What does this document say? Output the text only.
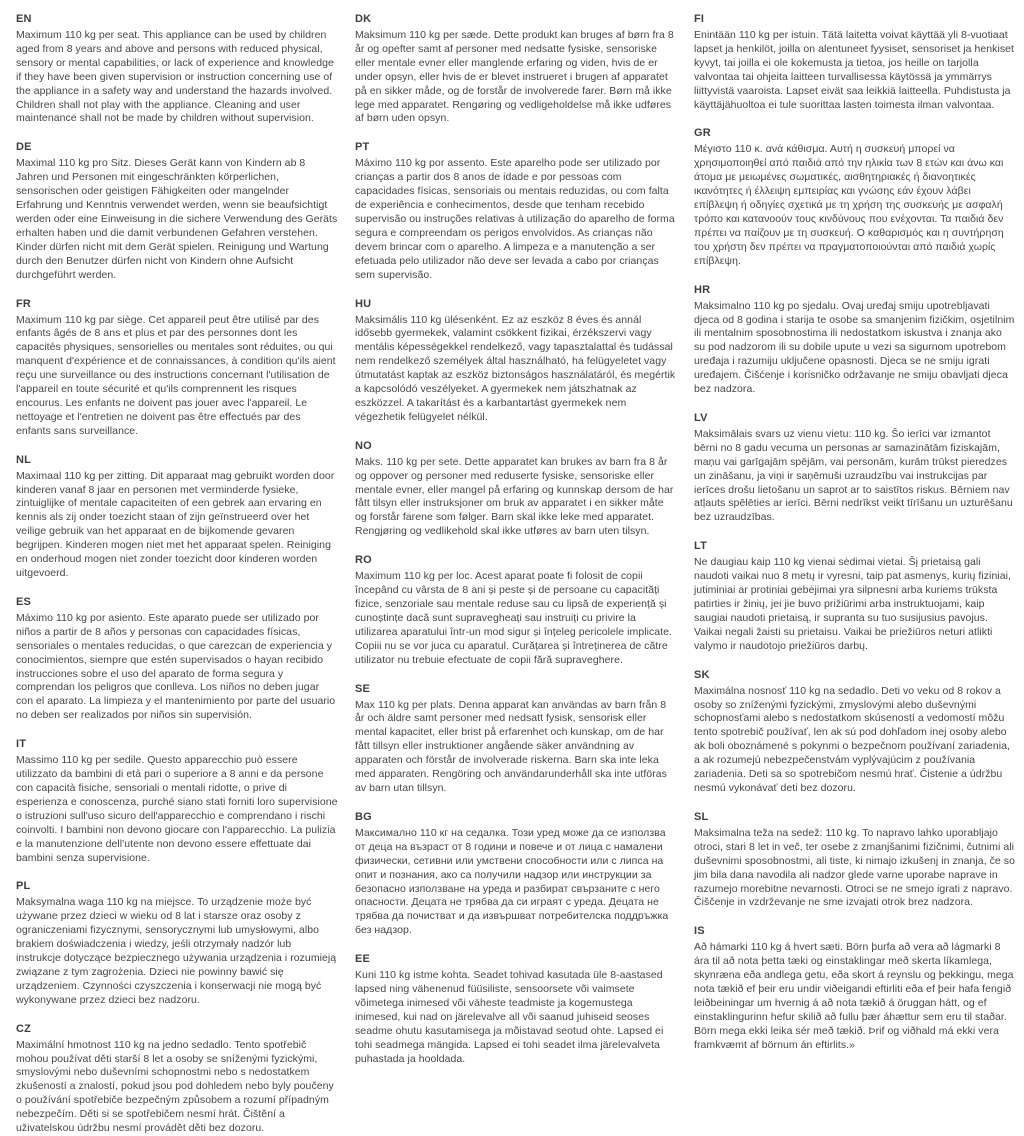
EN

Maximum 110 kg per seat. This appliance can be used by children aged from 8 years and above and persons with reduced physical, sensory or mental capabilities, or lack of experience and knowledge if they have been given supervision or instruction concerning use of the appliance in a safety way and understand the hazards involved. Children shall not play with the appliance. Cleaning and user maintenance shall not be made by children without supervision.

DE

Maximal 110 kg pro Sitz. Dieses Gerät kann von Kindern ab 8 Jahren und Personen mit eingeschränkten körperlichen, sensorischen oder geistigen Fähigkeiten oder mangelnder Erfahrung und Kenntnis verwendet werden, wenn sie beaufsichtigt werden oder eine Einweisung in die sichere Verwendung des Geräts erhalten haben und die damit verbundenen Gefahren verstehen. Kinder dürfen nicht mit dem Gerät spielen. Reinigung und Wartung durch den Benutzer dürfen nicht von Kindern ohne Aufsicht durchgeführt werden.

FR

Maximum 110 kg par siège. Cet appareil peut être utilisé par des enfants âgés de 8 ans et plus et par des personnes dont les capacités physiques, sensorielles ou mentales sont réduites, ou qui manquent d'expérience et de connaissances, à condition qu'ils aient reçu une surveillance ou des instructions concernant l'utilisation de l'appareil en toute sécurité et qu'ils comprennent les risques encourus. Les enfants ne doivent pas jouer avec l'appareil. Le nettoyage et l'entretien ne doivent pas être effectués par des enfants sans surveillance.

NL

Maximaal 110 kg per zitting. Dit apparaat mag gebruikt worden door kinderen vanaf 8 jaar en personen met verminderde fysieke, zintuiglijke of mentale capaciteiten of een gebrek aan ervaring en kennis als zij onder toezicht staan of zijn geïnstrueerd over het veilige gebruik van het apparaat en de bijkomende gevaren begrijpen. Kinderen mogen niet met het apparaat spelen. Reiniging en onderhoud mogen niet zonder toezicht door kinderen worden uitgevoerd.

ES

Máximo 110 kg por asiento. Este aparato puede ser utilizado por niños a partir de 8 años y personas con capacidades físicas, sensoriales o mentales reducidas, o que carezcan de experiencia y conocimientos, siempre que estén supervisados o hayan recibido instrucciones sobre el uso del aparato de forma segura y comprendan los peligros que conlleva. Los niños no deben jugar con el aparato. La limpieza y el mantenimiento por parte del usuario no deben ser realizados por niños sin supervisión.

IT

Massimo 110 kg per sedile. Questo apparecchio può essere utilizzato da bambini di età pari o superiore a 8 anni e da persone con capacità fisiche, sensoriali o mentali ridotte, o prive di esperienza e conoscenza, purché siano stati forniti loro supervisione o istruzioni sull'uso sicuro dell'apparecchio e comprendano i rischi coinvolti. I bambini non devono giocare con l'apparecchio. La pulizia e la manutenzione dell'utente non devono essere effettuate dai bambini senza supervisione.

PL

Maksymalna waga 110 kg na miejsce. To urządzenie może być używane przez dzieci w wieku od 8 lat i starsze oraz osoby z ograniczeniami fizycznymi, sensorycznymi lub umysłowymi, albo brakiem doświadczenia i wiedzy, jeśli otrzymały nadzór lub instrukcje dotyczące bezpiecznego używania urządzenia i rozumieją związane z tym zagrożenia. Dzieci nie powinny bawić się urządzeniem. Czynności czyszczenia i konserwacji nie mogą być wykonywane przez dzieci bez nadzoru.

CZ

Maximální hmotnost 110 kg na jedno sedadlo. Tento spotřebič mohou používat děti starší 8 let a osoby se sníženými fyzickými, smyslovými nebo duševními schopnostmi nebo s nedostatkem zkušeností a znalostí, pokud jsou pod dohledem nebo byly poučeny o používání spotřebiče bezpečným způsobem a rozumí případným nebezpečím. Děti si se spotřebičem nesmí hrát. Čištění a uživatelskou údržbu nesmí provádět děti bez dozoru.

DK

Maksimum 110 kg per sæde. Dette produkt kan bruges af børn fra 8 år og opefter samt af personer med nedsatte fysiske, sensoriske eller mentale evner eller manglende erfaring og viden, hvis de er under opsyn, eller hvis de er blevet instrueret i brugen af apparatet på en sikker måde, og de forstår de involverede farer. Børn må ikke lege med apparatet. Rengøring og vedligeholdelse må ikke udføres af børn uden opsyn.

PT

Máximo 110 kg por assento. Este aparelho pode ser utilizado por crianças a partir dos 8 anos de idade e por pessoas com capacidades físicas, sensoriais ou mentais reduzidas, ou com falta de experiência e conhecimentos, desde que tenham recebido supervisão ou instruções relativas à utilização do aparelho de forma segura e compreendam os perigos envolvidos. As crianças não devem brincar com o aparelho. A limpeza e a manutenção a ser efetuada pelo utilizador não deve ser levada a cabo por crianças sem supervisão.

HU

Maksimális 110 kg ülésenként. Ez az eszköz 8 éves és annál idősebb gyermekek, valamint csökkent fizikai, érzékszervi vagy mentális képességekkel rendelkező, vagy tapasztalattal és tudással nem rendelkező személyek által használható, ha felügyeletet vagy útmutatást kaptak az eszköz biztonságos használatáról, és megértik a kapcsolódó veszélyeket. A gyermekek nem játszhatnak az eszközzel. A takarítást és a karbantartást gyermekek nem végezhetik felügyelet nélkül.

NO

Maks. 110 kg per sete. Dette apparatet kan brukes av barn fra 8 år og oppover og personer med reduserte fysiske, sensoriske eller mentale evner, eller mangel på erfaring og kunnskap dersom de har fått tilsyn eller instruksjoner om bruk av apparatet i en sikker måte og forstår farene som følger. Barn skal ikke leke med apparatet. Rengjøring og vedlikehold skal ikke utføres av barn uten tilsyn.

RO

Maximum 110 kg per loc. Acest aparat poate fi folosit de copii începând cu vârsta de 8 ani și peste și de persoane cu capacități fizice, senzoriale sau mentale reduse sau cu lipsă de experiență și cunoștințe dacă sunt supravegheați sau instruiți cu privire la utilizarea aparatului într-un mod sigur și înțeleg pericolele implicate. Copiii nu se vor juca cu aparatul. Curățarea și întreținerea de către utilizator nu trebuie efectuate de copii fără supraveghere.

SE

Max 110 kg per plats. Denna apparat kan användas av barn från 8 år och äldre samt personer med nedsatt fysisk, sensorisk eller mental kapacitet, eller brist på erfarenhet och kunskap, om de har fått tillsyn eller instruktioner angående säker användning av apparaten och förstår de involverade riskerna. Barn ska inte leka med apparaten. Rengöring och användarunderhåll ska inte utföras av barn utan tillsyn.

BG

Максимално 110 кг на седалка. Този уред може да се използва от деца на възраст от 8 години и повече и от лица с намалени физически, сетивни или умствени способности или с липса на опит и познания, ако са получили надзор или инструкции за безопасно използване на уреда и разбират свързаните с него опасности. Децата не трябва да си играят с уреда. Децата не трябва да почистват и да извършват потребителска поддръжка без надзор.

EE

Kuni 110 kg istme kohta. Seadet tohivad kasutada üle 8-aastased lapsed ning vähenenud füüsiliste, sensoorsete või vaimsete võimetega inimesed või väheste teadmiste ja kogemustega inimesed, kui nad on järelevalve all või saanud juhiseid seoses seadme ohutu kasutamisega ja mõistavad seotud ohte. Lapsed ei tohi seadmega mängida. Lapsed ei tohi seadet ilma järelevalveta puhastada ja hooldada.

FI

Enintään 110 kg per istuin. Tätä laitetta voivat käyttää yli 8-vuotiaat lapset ja henkilöt, joilla on alentuneet fyysiset, sensoriset ja henkiset kyvyt, tai joilla ei ole kokemusta ja tietoa, jos heille on tarjolla valvontaa tai ohjeita laitteen turvallisessa käytössä ja ymmärrys liittyvistä vaaroista. Lapset eivät saa leikkiä laitteella. Puhdistusta ja käyttäjähuoltoa ei tule suorittaa lasten toimesta ilman valvontaa.

GR

Μέγιστο 110 κ. ανά κάθισμα. Αυτή η συσκευή μπορεί να χρησιμοποιηθεί από παιδιά από την ηλικία των 8 ετών και άνω και άτομα με μειωμένες σωματικές, αισθητηριακές ή διανοητικές ικανότητες ή έλλειψη εμπειρίας και γνώσης εάν έχουν λάβει επίβλεψη ή οδηγίες σχετικά με τη χρήση της συσκευής με ασφαλή τρόπο και κατανοούν τους κινδύνους που ενέχονται. Τα παιδιά δεν πρέπει να παίζουν με τη συσκευή. Ο καθαρισμός και η συντήρηση του χρήστη δεν πρέπει να πραγματοποιούνται από παιδιά χωρίς επίβλεψη.

HR

Maksimalno 110 kg po sjedalu. Ovaj uređaj smiju upotrebljavati djeca od 8 godina i starija te osobe sa smanjenim fizičkim, osjetilnim ili mentalnim sposobnostima ili nedostatkom iskustva i znanja ako su pod nadzorom ili su dobile upute u vezi sa sigurnom upotrebom uređaja i razumiju uključene opasnosti. Djeca se ne smiju igrati uređajem. Čišćenje i korisničko održavanje ne smiju obavljati djeca bez nadzora.

LV

Maksimālais svars uz vienu vietu: 110 kg. Šo ierīci var izmantot bērni no 8 gadu vecuma un personas ar samazinātām fiziskajām, maņu vai garīgajām spējām, vai personām, kurām trūkst pieredzes un zināšanu, ja viņi ir saņēmuši uzraudzību vai instrukcijas par ierīces drošu lietošanu un saprot ar to saistītos riskus. Bērniem nav atļauts spēlēties ar ierīci. Bērni nedrīkst veikt tīrīšanu un uzturēšanu bez uzraudzības.

LT

Ne daugiau kaip 110 kg vienai sėdimai vietai. Šį prietaisą gali naudoti vaikai nuo 8 metų ir vyresni, taip pat asmenys, kurių fiziniai, jutiminiai ar protiniai gebėjimai yra silpnesni arba kuriems trūksta patirties ir žinių, jei jie buvo prižiūrimi arba instruktuojami, kaip saugiai naudoti prietaisą, ir supranta su tuo susijusius pavojus. Vaikai negali žaisti su prietaisu. Vaikai be priežiūros neturi atlikti valymo ir naudotojo priežiūros darbų.

SK

Maximálna nosnosť 110 kg na sedadlo. Deti vo veku od 8 rokov a osoby so zníženými fyzickými, zmyslovými alebo duševnými schopnosťami alebo s nedostatkom skúseností a vedomostí môžu tento spotrebič používať, len ak sú pod dohľadom inej osoby alebo ak boli oboznámené s pokynmi o bezpečnom používaní zariadenia, a ak rozumejú nebezpečenstvám vyplývajúcim z používania zariadenia. Deti sa so spotrebičom nesmú hrať. Čistenie a údržbu nesmú vykonávať deti bez dozoru.

SL

Maksimalna teža na sedež: 110 kg. To napravo lahko uporabljajo otroci, stari 8 let in več, ter osebe z zmanjšanimi fizičnimi, čutnimi ali duševnimi sposobnostmi, ali tiste, ki nimajo izkušenj in znanja, če so jim bila dana navodila ali nadzor glede varne uporabe naprave in razumejo morebitne nevarnosti. Otroci se ne smejo igrati z napravo. Čiščenje in vzdrževanje ne sme izvajati otrok brez nadzora.

IS

Að hámarki 110 kg á hvert sæti. Börn þurfa að vera að lágmarki 8 ára til að nota þetta tæki og einstaklingar með skerta líkamlega, skynræna eða andlega getu, eða skort á reynslu og þekkingu, mega nota tækið ef þeir eru undir viðeigandi eftirliti eða ef þeir hafa fengið leiðbeiningar um hvernig á að nota tækið á öruggan hátt, og ef einstaklingurinn hefur skilið að fullu þær áhættur sem eru til staðar. Börn mega ekki leika sér með tækið. Þrif og viðhald má ekki vera framkvæmt af börnum án eftirlits.»
